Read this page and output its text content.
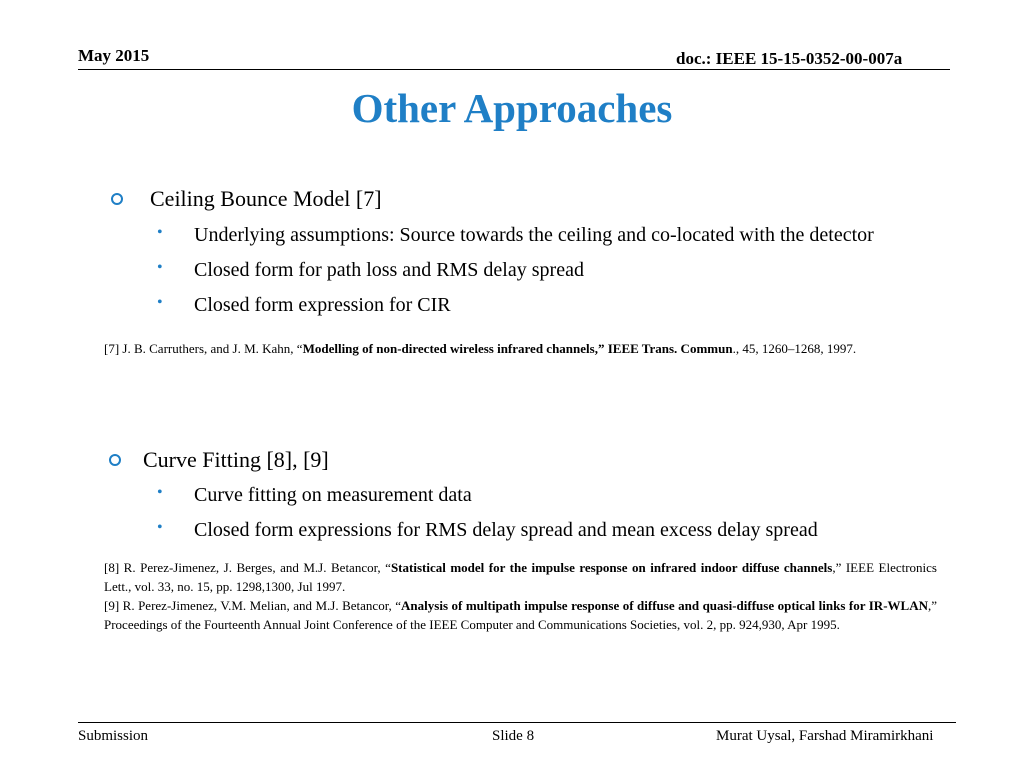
May 2015	doc.: IEEE 15-15-0352-00-007a
Other Approaches
Ceiling Bounce Model [7]
• Underlying assumptions: Source towards the ceiling and co-located with the detector
• Closed form for path loss and RMS delay spread
• Closed form expression for CIR
[7] J. B. Carruthers, and J. M. Kahn, “Modelling of non-directed wireless infrared channels,” IEEE Trans. Commun., 45, 1260–1268, 1997.
Curve Fitting [8], [9]
• Curve fitting on measurement data
• Closed form expressions for RMS delay spread and mean excess delay spread
[8] R. Perez-Jimenez, J. Berges, and M.J. Betancor, “Statistical model for the impulse response on infrared indoor diffuse channels,” IEEE Electronics Lett., vol. 33, no. 15, pp. 1298,1300, Jul 1997.
[9] R. Perez-Jimenez, V.M. Melian, and M.J. Betancor, “Analysis of multipath impulse response of diffuse and quasi-diffuse optical links for IR-WLAN,” Proceedings of the Fourteenth Annual Joint Conference of the IEEE Computer and Communications Societies, vol. 2, pp. 924,930, Apr 1995.
Submission	Slide 8	Murat Uysal, Farshad Miramirkhani
